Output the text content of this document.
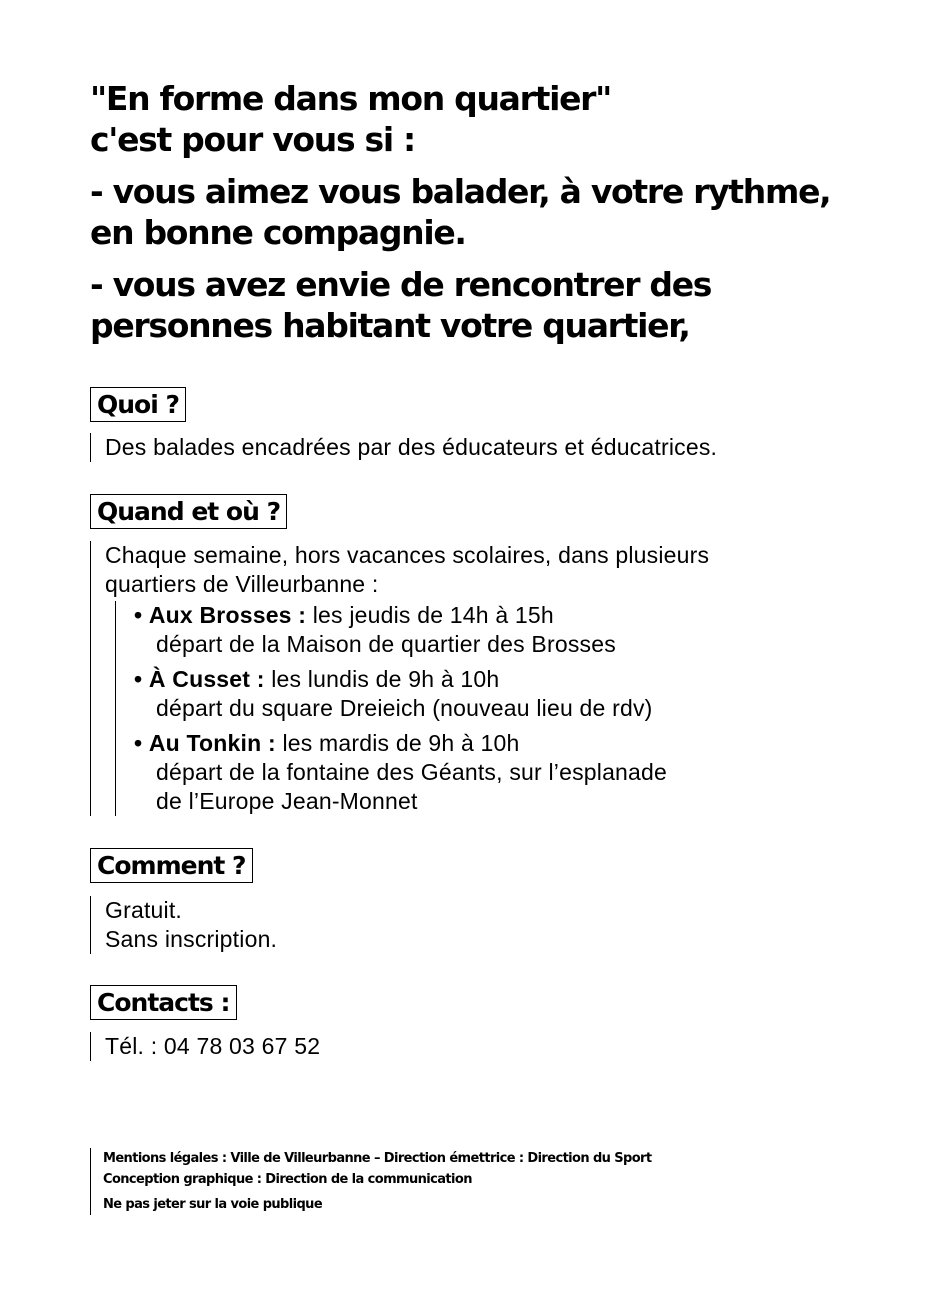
"En forme dans mon quartier"
c'est pour vous si :

- vous aimez vous balader, à votre rythme,
en bonne compagnie.

- vous avez envie de rencontrer des
personnes habitant votre quartier,

Quoi ?

Des balades encadrées par des éducateurs et éducatrices.

Quand et où ?

Chaque semaine, hors vacances scolaires, dans plusieurs

quartiers de Villeurbanne :

• Aux Brosses : les jeudis de 14h à 15h
départ de la Maison de quartier des Brosses
• À Cusset : les lundis de 9h à 10h
départ du square Dreieich (nouveau lieu de rdv)
• Au Tonkin : les mardis de 9h à 10h
départ de la fontaine des Géants, sur l’esplanade
de l’Europe Jean-Monnet
Comment ?

Gratuit.

Sans inscription.

Contacts :

Tél. : 04 78 03 67 52

Mentions légales : Ville de Villeurbanne – Direction émettrice : Direction du Sport

Conception graphique : Direction de la communication

Ne pas jeter sur la voie publique
